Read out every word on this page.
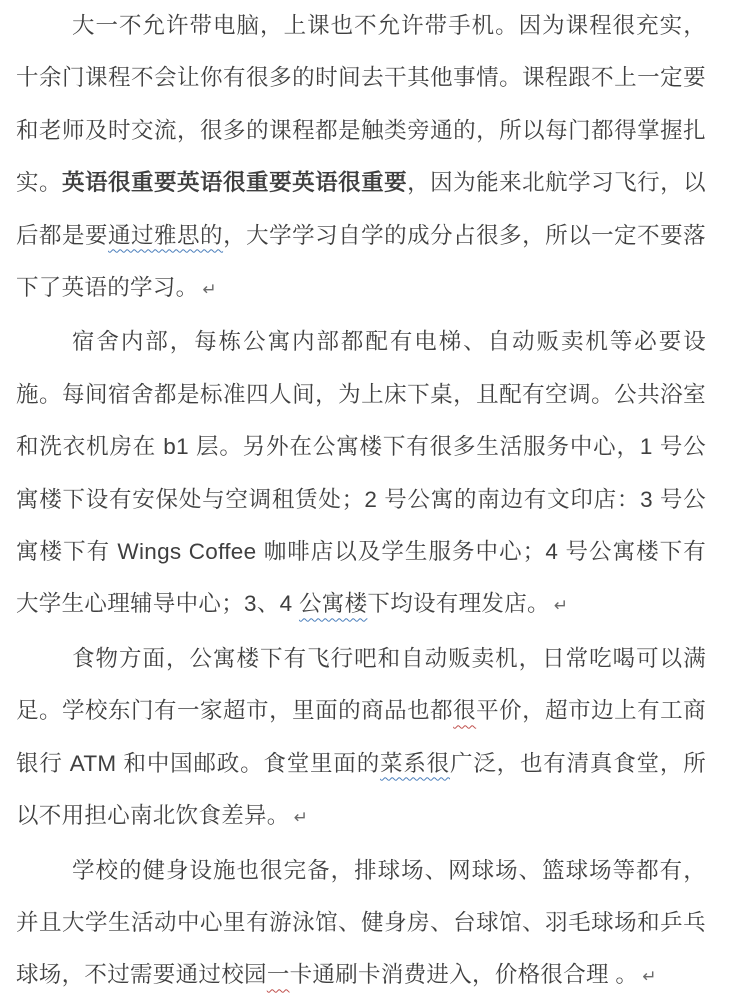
大一不允许带电脑，上课也不允许带手机。因为课程很充实，十余门课程不会让你有很多的时间去干其他事情。课程跟不上一定要和老师及时交流，很多的课程都是触类旁通的，所以每门都得掌握扎实。英语很重要英语很重要英语很重要，因为能来北航学习飞行，以后都是要通过雅思的，大学学习自学的成分占很多，所以一定不要落下了英语的学习。 ↵

宿舍内部，每栋公寓内部都配有电梯、自动贩卖机等必要设施。每间宿舍都是标准四人间，为上床下桌，且配有空调。公共浴室和洗衣机房在 b1 层。另外在公寓楼下有很多生活服务中心，1 号公寓楼下设有安保处与空调租赁处；2 号公寓的南边有文印店：3 号公寓楼下有 Wings Coffee 咖啡店以及学生服务中心；4 号公寓楼下有大学生心理辅导中心；3、4 公寓楼下均设有理发店。 ↵

食物方面，公寓楼下有飞行吧和自动贩卖机，日常吃喝可以满足。学校东门有一家超市，里面的商品也都很平价，超市边上有工商银行 ATM 和中国邮政。食堂里面的菜系很广泛，也有清真食堂，所以不用担心南北饮食差异。 ↵

学校的健身设施也很完备，排球场、网球场、篮球场等都有，并且大学生活动中心里有游泳馆、健身房、台球馆、羽毛球场和乒乓球场，不过需要通过校园一卡通刷卡消费进入，价格很合理 。 ↵
